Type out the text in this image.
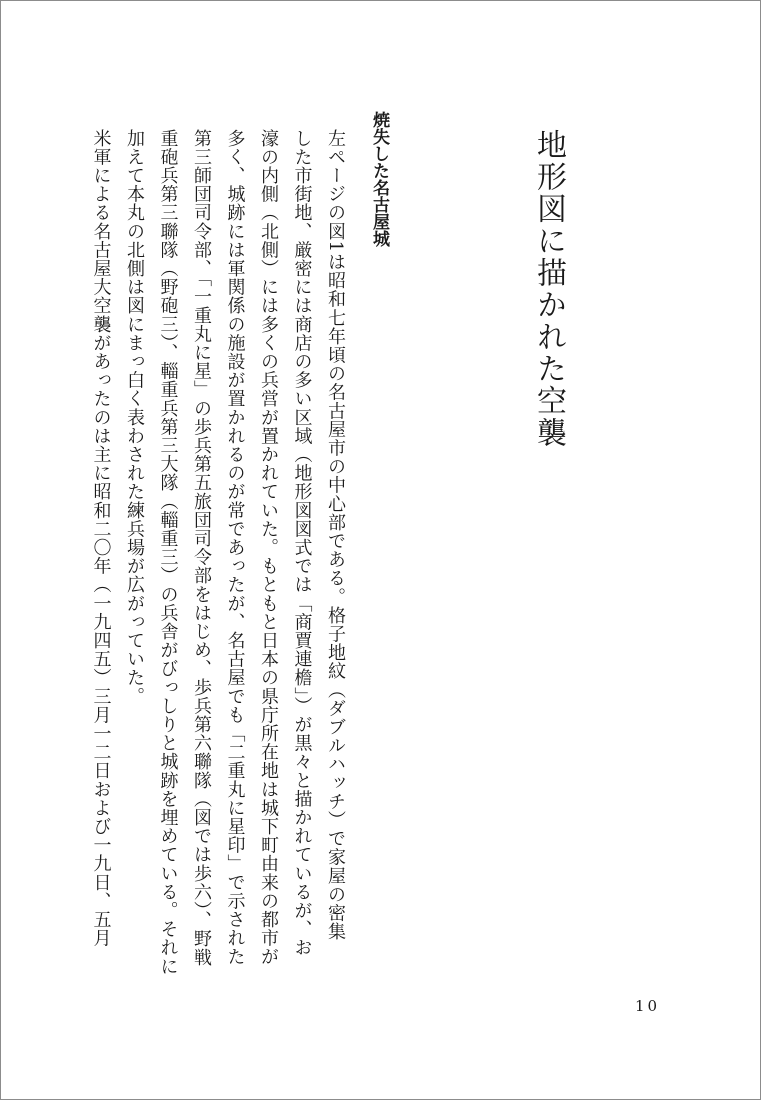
地形図に描かれた空襲
焼失した名古屋城
左ページの図1は昭和七年頃の名古屋市の中心部である。格子地紋（ダブルハッチ）で家屋の密集
した市街地、厳密には商店の多い区域（地形図図式では「商賈連檐」）が黒々と描かれているが、お
濠の内側（北側）には多くの兵営が置かれていた。もともと日本の県庁所在地は城下町由来の都市が
多く、城跡には軍関係の施設が置かれるのが常であったが、名古屋でも「二重丸に星印」で示された
第三師団司令部、「一重丸に星」の歩兵第五旅団司令部をはじめ、歩兵第六聯隊（図では歩六）、野戦
重砲兵第三聯隊（野砲三）、輜重兵第三大隊（輜重三）の兵舎がびっしりと城跡を埋めている。それに
加えて本丸の北側は図にまっ白く表わされた練兵場が広がっていた。
米軍による名古屋大空襲があったのは主に昭和二〇年（一九四五）三月一二日および一九日、五月
10
